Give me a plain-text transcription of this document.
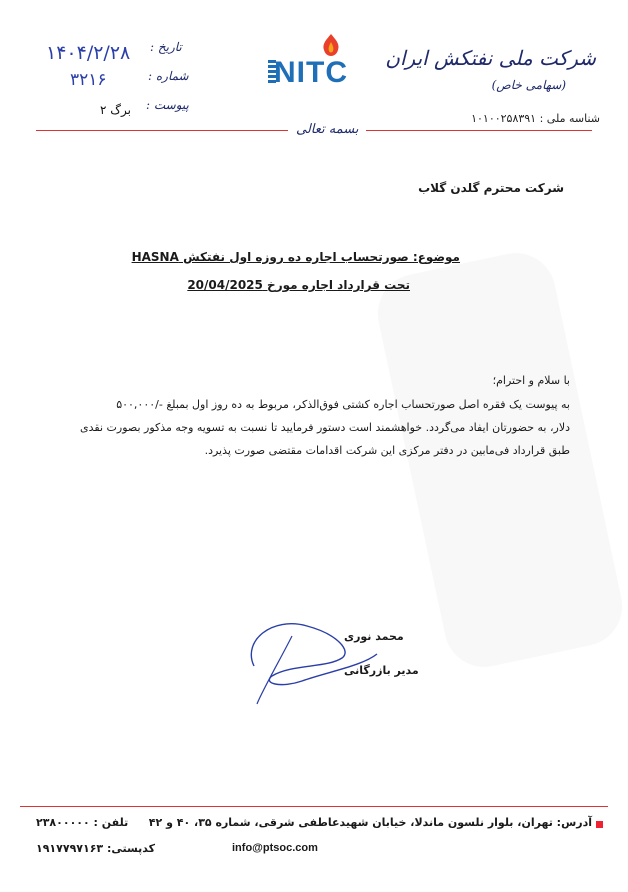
شرکت ملی نفتکش ایران
(سهامی خاص)
شناسه ملی : ۱۰۱۰۰۲۵۸۳۹۱
NITC
تاریخ :
شماره :
پیوست :
۱۴۰۴/۲/۲۸
۳۲۱۶
۲ برگ
بسمه تعالی
شرکت محترم گلدن گلاب
موضوع: صورتحساب اجاره ده روزه اول نفتکش HASNA
تحت قرارداد اجاره مورخ 20/04/2025
با سلام و احترام؛
به پیوست یک فقره اصل صورتحساب اجاره کشتی فوق‌الذکر، مربوط به ده روز اول بمبلغ -/۵۰۰,۰۰۰
دلار، به حضورتان ایفاد می‌گردد. خواهشمند است دستور فرمایید تا نسبت به تسویه وجه مذکور بصورت نقدی
طبق قرارداد فی‌مابین در دفتر مرکزی این شرکت اقدامات مقتضی صورت پذیرد.
محمد نوری
مدیر بازرگانی
آدرس: تهران، بلوار نلسون ماندلا، خیابان شهیدعاطفی شرقی، شماره ۳۵، ۴۰ و ۴۲
info@ptsoc.com
تلفن : ۲۳۸۰۰۰۰۰
کدپستی: ۱۹۱۷۷۹۷۱۶۳
